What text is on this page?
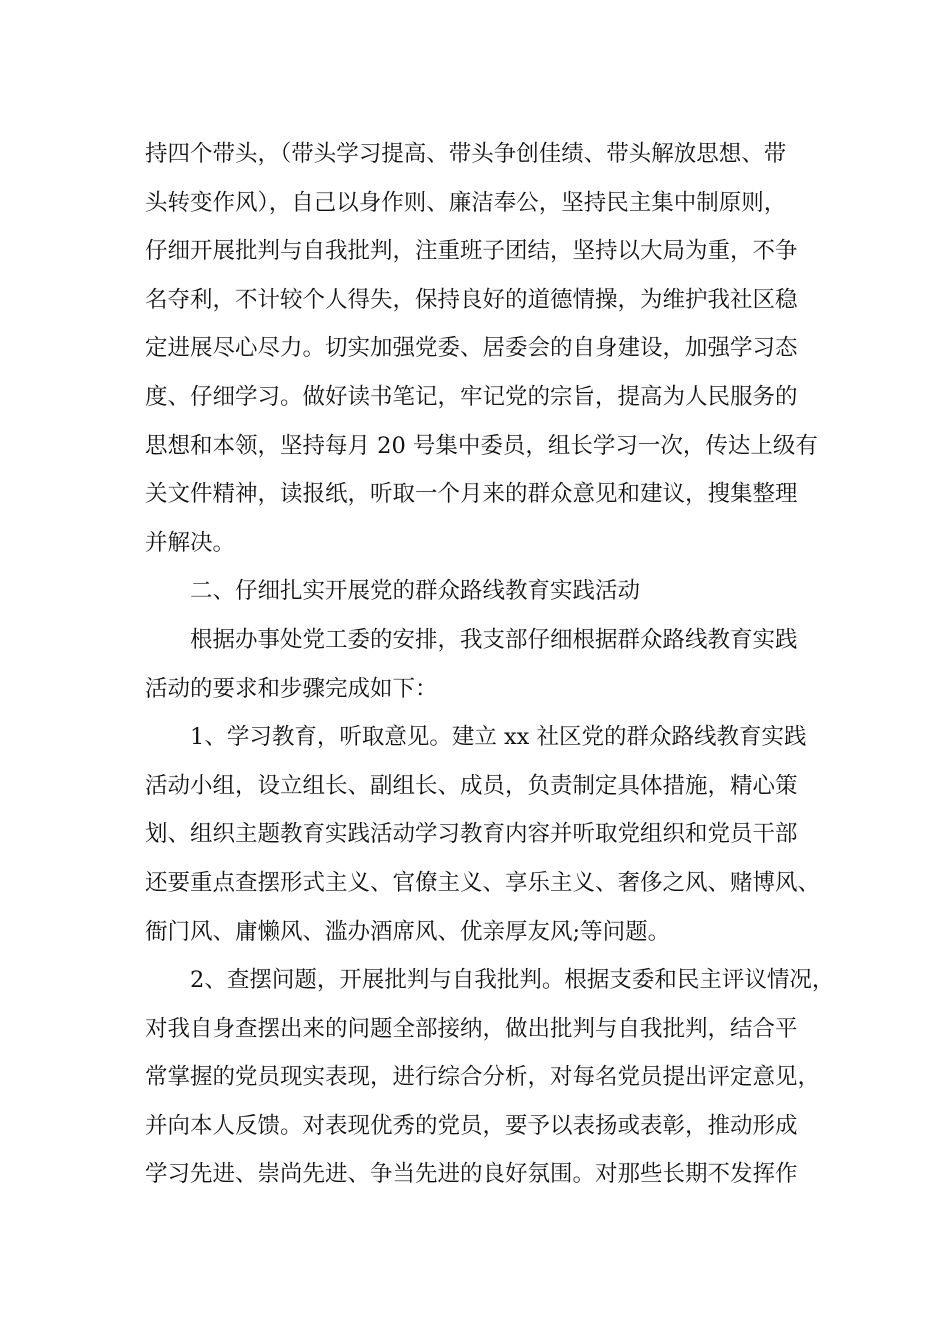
持四个带头，（带头学习提高、带头争创佳绩、带头解放思想、带
头转变作风），自己以身作则、廉洁奉公，坚持民主集中制原则，
仔细开展批判与自我批判，注重班子团结，坚持以大局为重，不争
名夺利，不计较个人得失，保持良好的道德情操，为维护我社区稳
定进展尽心尽力。切实加强党委、居委会的自身建设，加强学习态
度、仔细学习。做好读书笔记，牢记党的宗旨，提高为人民服务的
思想和本领，坚持每月 20 号集中委员，组长学习一次，传达上级有
关文件精神，读报纸，听取一个月来的群众意见和建议，搜集整理
并解决。
二、仔细扎实开展党的群众路线教育实践活动
根据办事处党工委的安排，我支部仔细根据群众路线教育实践
活动的要求和步骤完成如下：
1、学习教育，听取意见。建立 xx 社区党的群众路线教育实践
活动小组，设立组长、副组长、成员，负责制定具体措施，精心策
划、组织主题教育实践活动学习教育内容并听取党组织和党员干部
还要重点查摆形式主义、官僚主义、享乐主义、奢侈之风、赌博风、
衙门风、庸懒风、滥办酒席风、优亲厚友风;等问题。
2、查摆问题，开展批判与自我批判。根据支委和民主评议情况，
对我自身查摆出来的问题全部接纳，做出批判与自我批判，结合平
常掌握的党员现实表现，进行综合分析，对每名党员提出评定意见，
并向本人反馈。对表现优秀的党员，要予以表扬或表彰，推动形成
学习先进、崇尚先进、争当先进的良好氛围。对那些长期不发挥作
